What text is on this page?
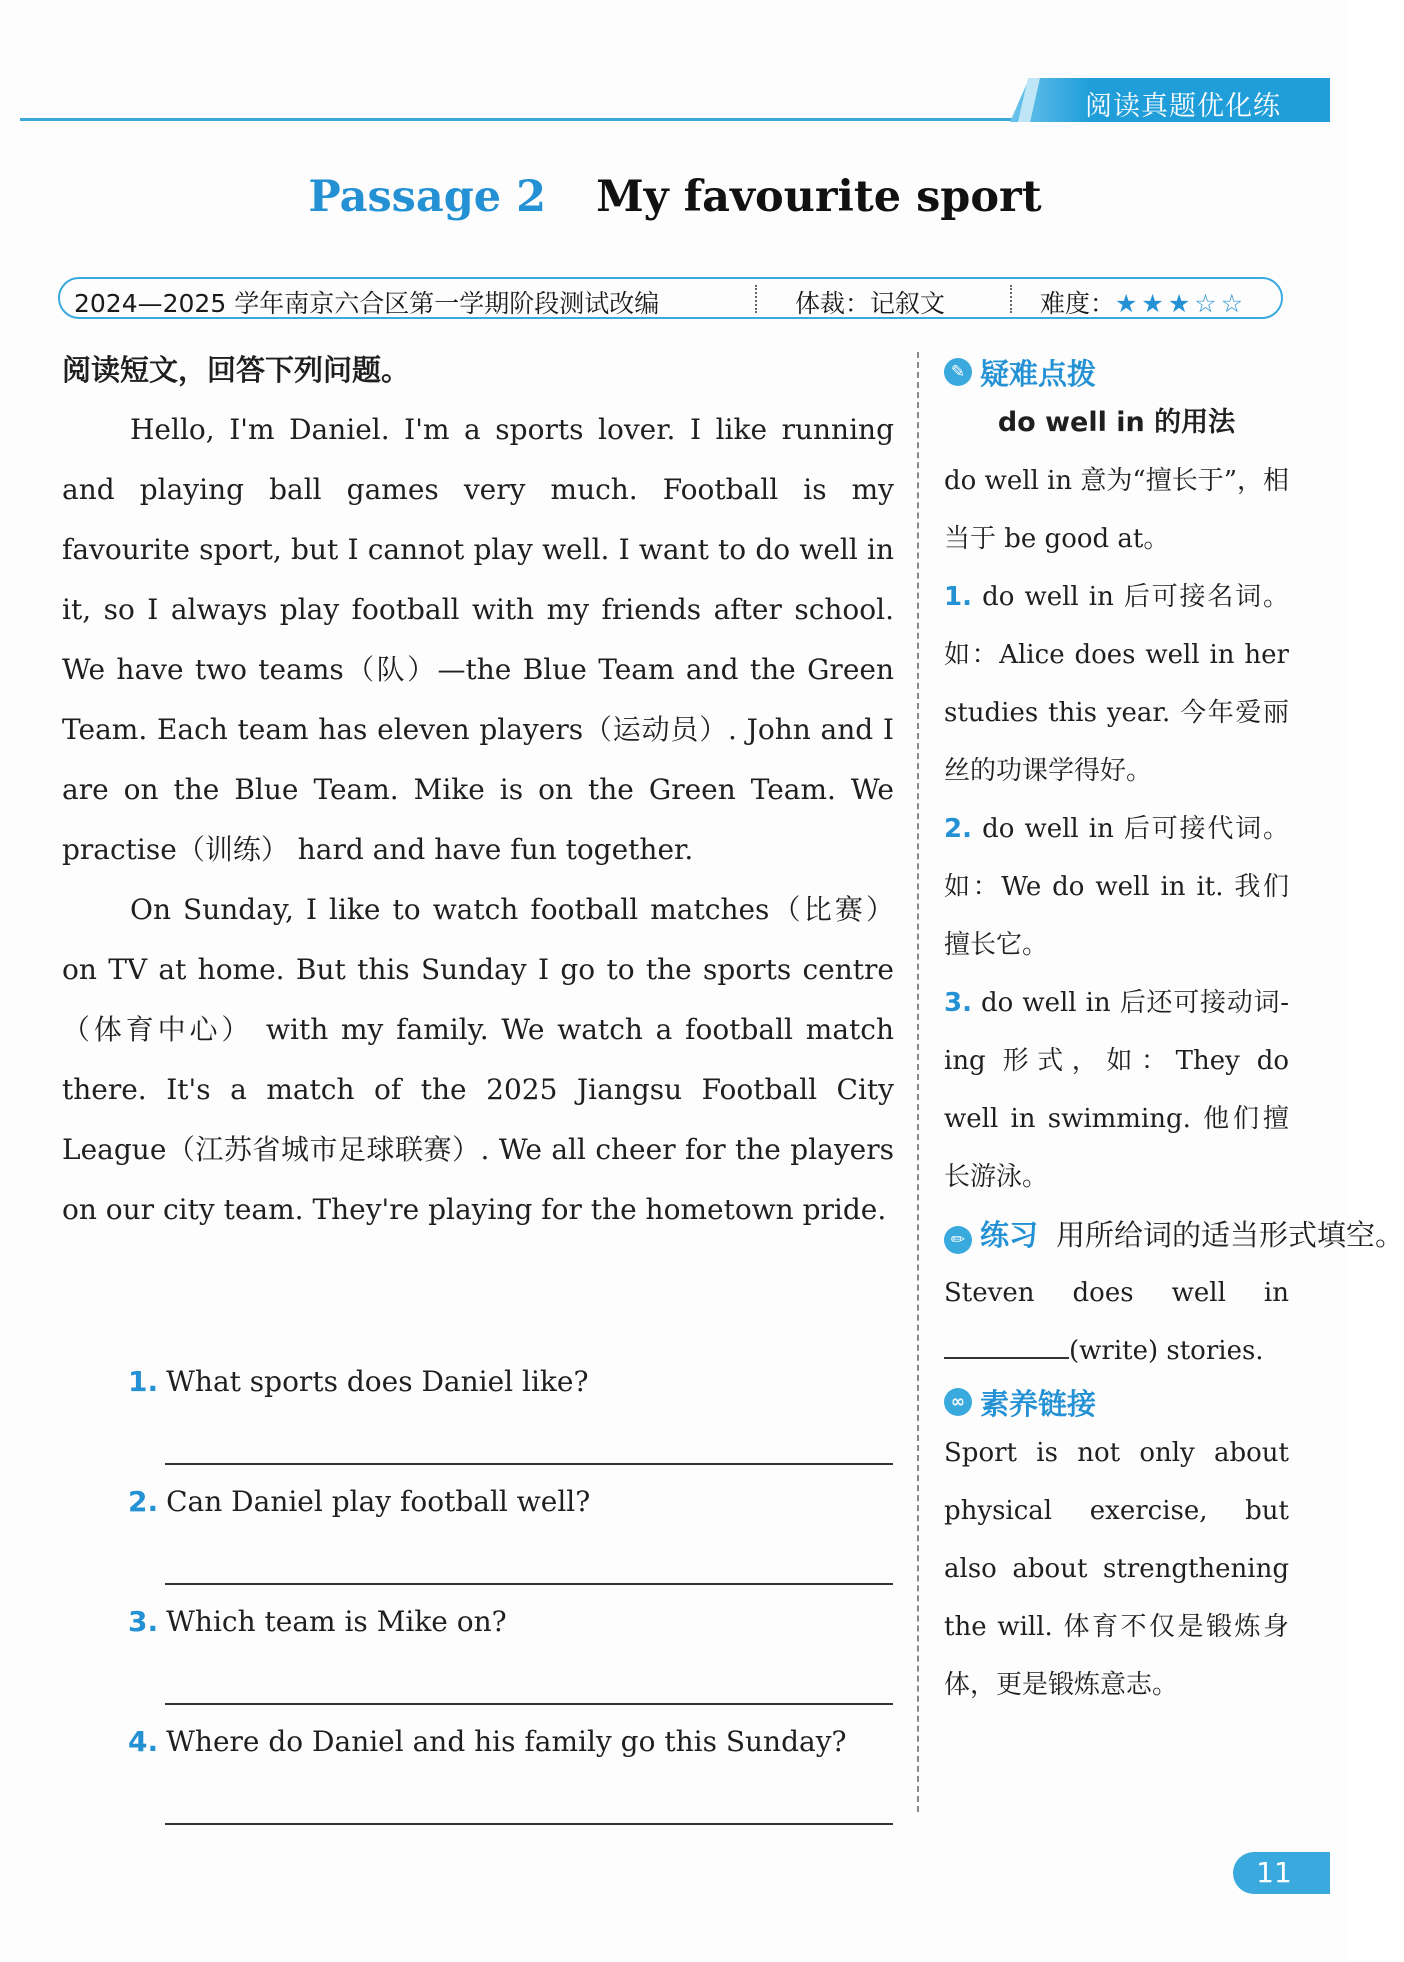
阅读真题优化练
Passage 2 My favourite sport
2024—2025 学年南京六合区第一学期阶段测试改编	体裁：记叙文	难度：★★★☆☆
阅读短文，回答下列问题。

Hello, I'm Daniel. I'm a sports lover. I like running and playing ball games very much. Football is my favourite sport, but I cannot play well. I want to do well in it, so I always play football with my friends after school. We have two teams（队）—the Blue Team and the Green Team. Each team has eleven players（运动员）. John and I are on the Blue Team. Mike is on the Green Team. We practise（训练） hard and have fun together.

On Sunday, I like to watch football matches（比赛） on TV at home. But this Sunday I go to the sports centre（体育中心） with my family. We watch a football match there. It's a match of the 2025 Jiangsu Football City League（江苏省城市足球联赛）. We all cheer for the players on our city team. They're playing for the hometown pride.

1. What sports does Daniel like?
2. Can Daniel play football well?
3. Which team is Mike on?
4. Where do Daniel and his family go this Sunday?
✎ 疑难点拨
do well in 的用法

do well in 意为“擅长于”，相当于 be good at。

1. do well in 后可接名词。如：Alice does well in her studies this year. 今年爱丽丝的功课学得好。

2. do well in 后可接代词。如：We do well in it. 我们擅长它。

3. do well in 后还可接动词-ing 形式，如：They do well in swimming. 他们擅长游泳。

✏ 练习 用所给词的适当形式填空。

Steven does well in (write) stories.

∞ 素养链接

Sport is not only about physical exercise, but also about strengthening the will. 体育不仅是锻炼身体，更是锻炼意志。

11
